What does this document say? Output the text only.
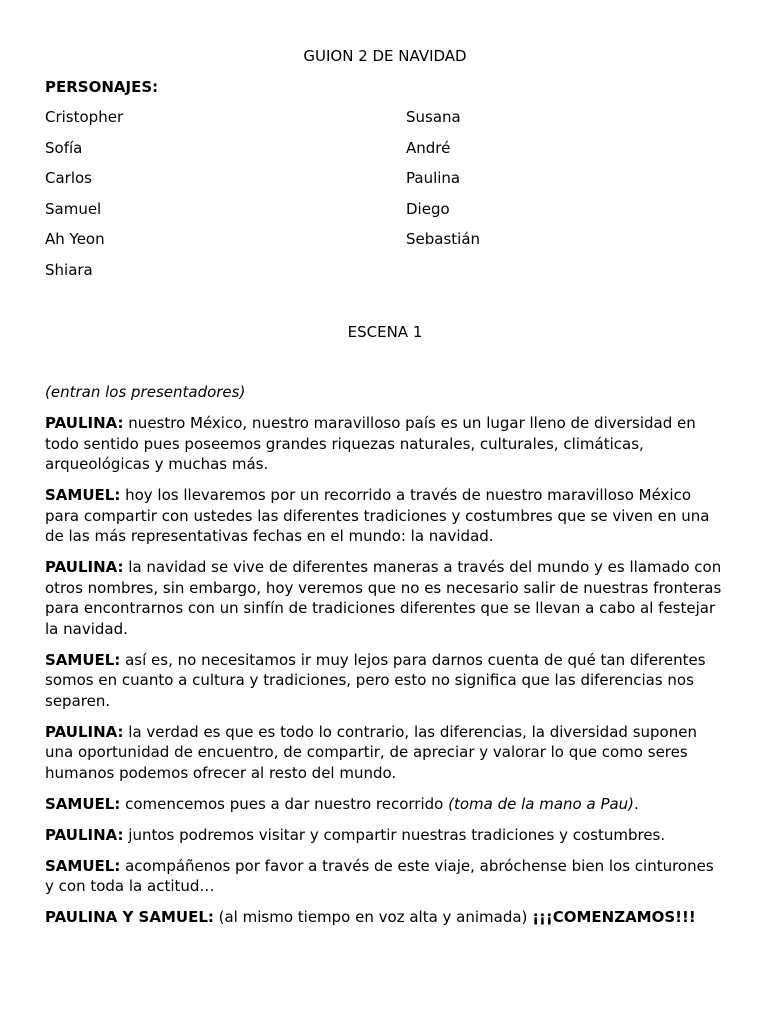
GUION 2 DE NAVIDAD
PERSONAJES:
Cristopher	Susana
Sofía	André
Carlos	Paulina
Samuel	Diego
Ah Yeon	Sebastián
Shiara
ESCENA 1

(entran los presentadores)

PAULINA: nuestro México, nuestro maravilloso país es un lugar lleno de diversidad en todo sentido pues poseemos grandes riquezas naturales, culturales, climáticas, arqueológicas y muchas más.

SAMUEL: hoy los llevaremos por un recorrido a través de nuestro maravilloso México para compartir con ustedes las diferentes tradiciones y costumbres que se viven en una de las más representativas fechas en el mundo: la navidad.

PAULINA: la navidad se vive de diferentes maneras a través del mundo y es llamado con otros nombres, sin embargo, hoy veremos que no es necesario salir de nuestras fronteras para encontrarnos con un sinfín de tradiciones diferentes que se llevan a cabo al festejar la navidad.

SAMUEL: así es, no necesitamos ir muy lejos para darnos cuenta de qué tan diferentes somos en cuanto a cultura y tradiciones, pero esto no significa que las diferencias nos separen.

PAULINA: la verdad es que es todo lo contrario, las diferencias, la diversidad suponen una oportunidad de encuentro, de compartir, de apreciar y valorar lo que como seres humanos podemos ofrecer al resto del mundo.

SAMUEL: comencemos pues a dar nuestro recorrido (toma de la mano a Pau).

PAULINA: juntos podremos visitar y compartir nuestras tradiciones y costumbres.

SAMUEL: acompáñenos por favor a través de este viaje, abróchense bien los cinturones y con toda la actitud…

PAULINA Y SAMUEL: (al mismo tiempo en voz alta y animada) ¡¡¡COMENZAMOS!!!
